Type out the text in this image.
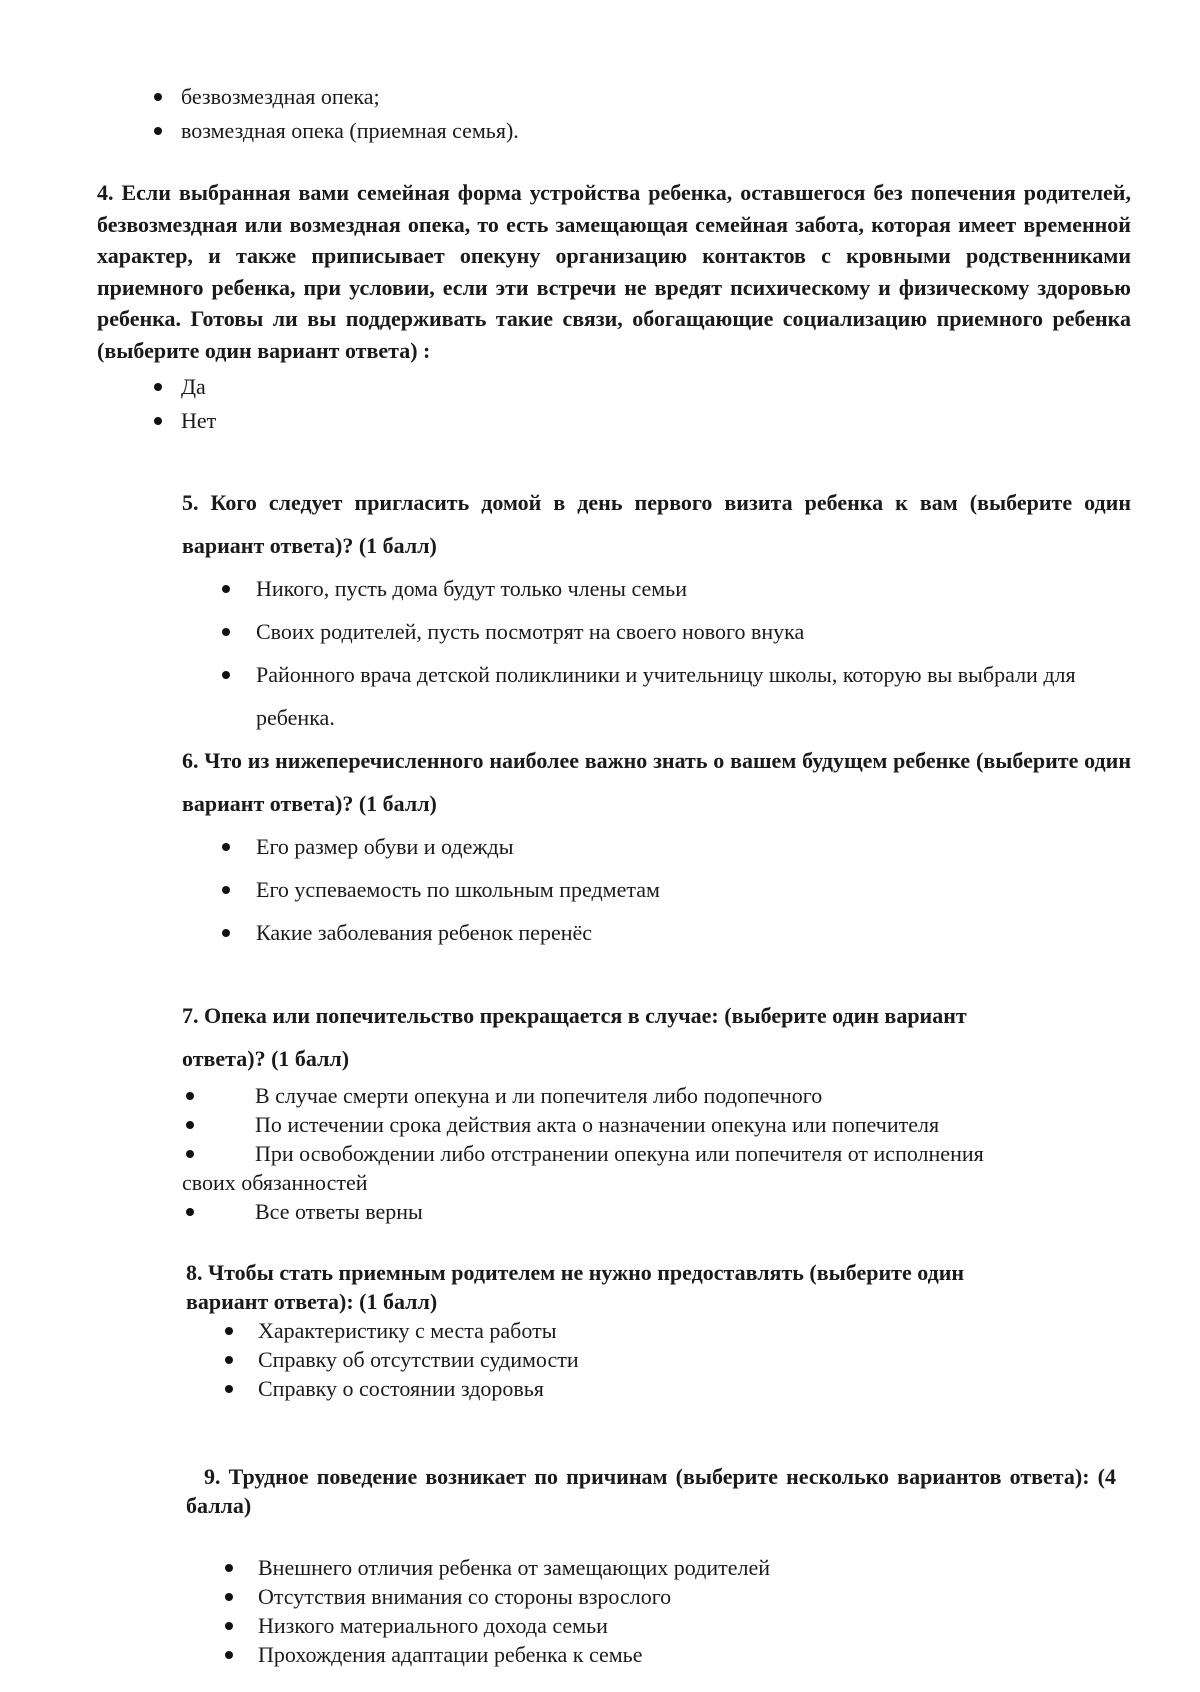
безвозмездная опека;
возмездная опека (приемная семья).

4. Если выбранная вами семейная форма устройства ребенка, оставшегося без попечения родителей, безвозмездная или возмездная опека, то есть замещающая семейная забота, которая имеет временной характер, и также приписывает опекуну организацию контактов с кровными родственниками приемного ребенка, при условии, если эти встречи не вредят психическому и физическому здоровью ребенка. Готовы ли вы поддерживать такие связи, обогащающие социализацию приемного ребенка (выберите один вариант ответа) :

Да
Нет

5. Кого следует пригласить домой в день первого визита ребенка к вам (выберите один вариант ответа)? (1 балл)

Никого, пусть дома будут только члены семьи
Своих родителей, пусть посмотрят на своего нового внука
Районного врача детской поликлиники и учительницу школы, которую вы выбрали для ребенка.

6. Что из нижеперечисленного наиболее важно знать о вашем будущем ребенке (выберите один вариант ответа)? (1 балл)

Его размер обуви и одежды
Его успеваемость по школьным предметам
Какие заболевания ребенок перенёс

7. Опека или попечительство прекращается в случае: (выберите один вариант
ответа)? (1 балл)

В случае смерти опекуна и ли попечителя либо подопечного
По истечении срока действия акта о назначении опекуна или попечителя
При освобождении либо отстранении опекуна или попечителя от исполнения
своих обязанностей
Все ответы верны

8. Чтобы стать приемным родителем не нужно предоставлять (выберите один
вариант ответа): (1 балл)

Характеристику с места работы
Справку об отсутствии судимости
Справку о состоянии здоровья

9. Трудное поведение возникает по причинам (выберите несколько вариантов ответа): (4 балла)

Внешнего отличия ребенка от замещающих родителей
Отсутствия внимания со стороны взрослого
Низкого материального дохода семьи
Прохождения адаптации ребенка к семье
